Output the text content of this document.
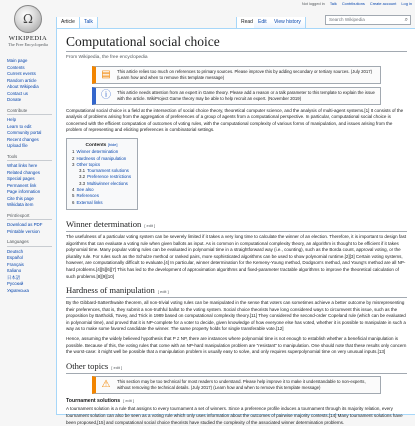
Ω
WIKIPEDIA
The Free Encyclopedia
Not logged in Talk Contributions Create account Log in
Article	Talk	Read	Edit	View history	Search Wikipedia	⌕
Main page
Contents
Current events
Random article
About Wikipedia
Contact us
Donate
Contribute
Help
Learn to edit
Community portal
Recent changes
Upload file
Tools
What links here
Related changes
Special pages
Permanent link
Page information
Cite this page
Wikidata item
Print/export
Download as PDF
Printable version
Languages
Deutsch
Español
Français
Italiano
日本語
Русский
Українська
Computational social choice
From Wikipedia, the free encyclopedia
▤	This article relies too much on references to primary sources. Please improve this by adding secondary or tertiary sources. (July 2017) (Learn how and when to remove this template message)
ⓘ	This article needs attention from an expert in Game theory. Please add a reason or a talk parameter to this template to explain the issue with the article. WikiProject Game theory may be able to help recruit an expert. (November 2019)

Computational social choice is a field at the intersection of social choice theory, theoretical computer science, and the analysis of multi-agent systems.[1] It consists of the analysis of problems arising from the aggregation of preferences of a group of agents from a computational perspective. In particular, computational social choice is concerned with the efficient computation of outcomes of voting rules, with the computational complexity of various forms of manipulation, and issues arising from the problem of representing and eliciting preferences in combinatorial settings.

Contents [hide]
1 Winner determination
2 Hardness of manipulation
3 Other topics
3.1 Tournament solutions
3.2 Preference restrictions
3.3 Multiwinner elections
4 See also
5 References
6 External links
Winner determination [ edit ]

The usefulness of a particular voting system can be severely limited if it takes a very long time to calculate the winner of an election. Therefore, it is important to design fast algorithms that can evaluate a voting rule when given ballots as input. As is common in computational complexity theory, an algorithm is thought to be efficient if it takes polynomial time. Many popular voting rules can be evaluated in polynomial time in a straightforward way (i.e., counting), such as the Borda count, approval voting, or the plurality rule. For rules such as the Schulze method or ranked pairs, more sophisticated algorithms can be used to show polynomial runtime.[2][3] Certain voting systems, however, are computationally difficult to evaluate.[4] In particular, winner determination for the Kemeny-Young method, Dodgson's method, and Young's method are all NP-hard problems.[4][5][6][7] This has led to the development of approximation algorithms and fixed-parameter tractable algorithms to improve the theoretical calculation of such problems.[8][9][10]

Hardness of manipulation [ edit ]

By the Gibbard-Satterthwaite theorem, all non-trivial voting rules can be manipulated in the sense that voters can sometimes achieve a better outcome by misrepresenting their preferences, that is, they submit a non-truthful ballot to the voting system. Social choice theorists have long considered ways to circumvent this issue, such as the proposition by Bartholdi, Tovey, and Trick in 1989 based on computational complexity theory.[11] They considered the second-order Copeland rule (which can be evaluated in polynomial time), and proved that it is NP-complete for a voter to decide, given knowledge of how everyone else has voted, whether it is possible to manipulate in such a way as to make some favored candidate the winner. The same property holds for single transferable vote.[12]

Hence, assuming the widely believed hypothesis that P ≠ NP, there are instances where polynomial time is not enough to establish whether a beneficial manipulation is possible. Because of this, the voting rules that come with an NP-hard manipulation problem are "resistant" to manipulation. One should note that these results only concern the worst-case: it might well be possible that a manipulation problem is usually easy to solve, and only requires superpolynomial time on very unusual inputs.[13]

Other topics [ edit ]
⚠	This section may be too technical for most readers to understand. Please help improve it to make it understandable to non-experts, without removing the technical details. (July 2017) (Learn how and when to remove this template message)
Tournament solutions [ edit ]

A tournament solution is a rule that assigns to every tournament a set of winners. Since a preference profile induces a tournament through its majority relation, every tournament solution can also be seen as a voting rule which only uses information about the outcomes of pairwise majority contests.[14] Many tournament solutions have been proposed,[15] and computational social choice theorists have studied the complexity of the associated winner determination problems.
